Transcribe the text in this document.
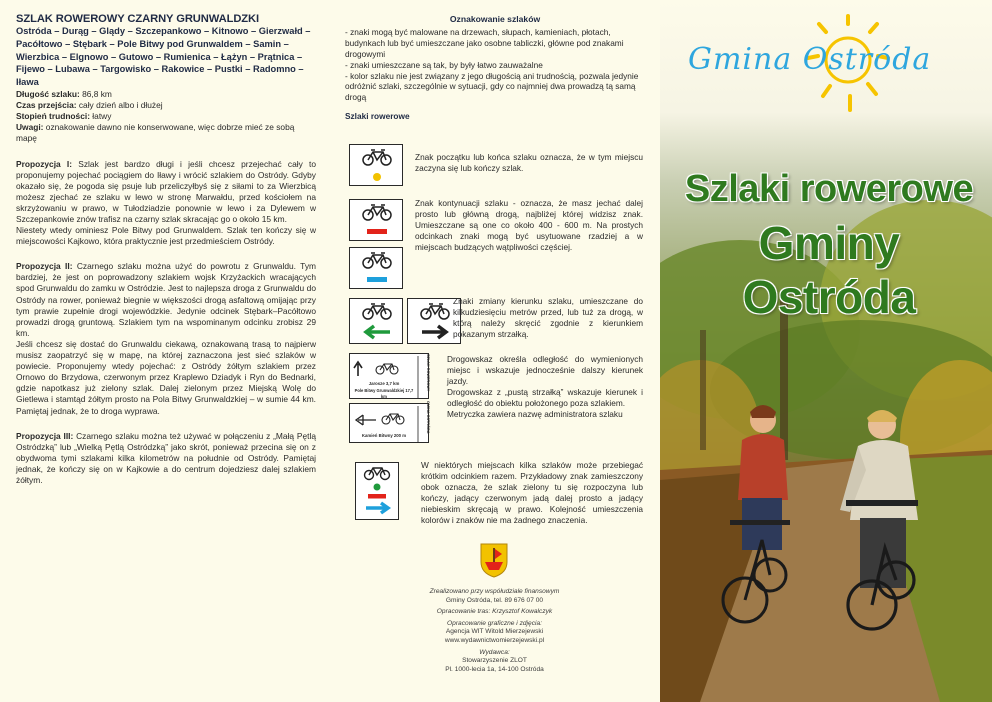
SZLAK ROWEROWY CZARNY GRUNWALDZKI

Ostróda – Durąg – Glądy – Szczepankowo – Kitnowo – Gierzwałd – Pacółtowo – Stębark – Pole Bitwy pod Grunwaldem – Samin – Wierzbica – Elgnowo – Gutowo – Rumienica – Łążyn – Prątnica – Fijewo – Lubawa – Targowisko – Rakowice – Pustki – Radomno – Iława

Długość szlaku: 86,8 km

Czas przejścia: cały dzień albo i dłużej

Stopień trudności: łatwy

Uwagi: oznakowanie dawno nie konserwowane, więc dobrze mieć ze sobą mapę

Propozycja I: Szlak jest bardzo długi i jeśli chcesz przejechać cały to proponujemy pojechać pociągiem do Iławy i wrócić szlakiem do Ostródy. Gdyby okazało się, że pogoda się psuje lub przeliczyłbyś się z siłami to za Wierzbicą możesz zjechać ze szlaku w lewo w stronę Marwałdu, przed kościołem na skrzyżowaniu w prawo, w Tułodziadzie ponownie w lewo i za Dylewem w Szczepankowie znów trafisz na czarny szlak skracając go o około 15 km.

Niestety wtedy ominiesz Pole Bitwy pod Grunwaldem. Szlak ten kończy się w miejscowości Kajkowo, która praktycznie jest przedmieściem Ostródy.

Propozycja II: Czarnego szlaku można użyć do powrotu z Grunwaldu. Tym bardziej, że jest on poprowadzony szlakiem wojsk Krzyżackich wracających spod Grunwaldu do zamku w Ostródzie. Jest to najlepsza droga z Grunwaldu do Ostródy na rower, ponieważ biegnie w większości drogą asfaltową omijając przy tym prawie zupełnie drogi wojewódzkie. Jedynie odcinek Stębark–Pacółtowo prowadzi drogą gruntową. Szlakiem tym na wspominanym odcinku zrobisz 29 km.

Jeśli chcesz się dostać do Grunwaldu ciekawą, oznakowaną trasą to najpierw musisz zaopatrzyć się w mapę, na której zaznaczona jest sieć szlaków w powiecie. Proponujemy wtedy pojechać: z Ostródy żółtym szlakiem przez Ornowo do Brzydowa, czerwonym przez Kraplewo Dziadyk i Ryn do Bednarki, gdzie napotkasz już zielony szlak. Dalej zielonym przez Miejską Wolę do Gietlewa i stamtąd żółtym prosto na Pola Bitwy Grunwaldzkiej – w sumie 44 km. Pamiętaj jednak, że to droga wyprawa.

Propozycja III: Czarnego szlaku można też używać w połączeniu z „Małą Pętlą Ostródzką” lub „Wielką Pętlą Ostródzką” jako skrót, ponieważ przecina się on z obydwoma tymi szlakami kilka kilometrów na południe od Ostródy. Pamiętaj jednak, że kończy się on w Kajkowie a do centrum dojedziesz dalej szlakiem żółtym.

Oznakowanie szlaków
- znaki mogą być malowane na drzewach, słupach, kamieniach, płotach, budynkach lub być umieszczane jako osobne tabliczki, główne pod znakami drogowymi
- znaki umieszczane są tak, by były łatwo zauważalne
- kolor szlaku nie jest związany z jego długością ani trudnością, pozwala jedynie odróżnić szlaki, szczególnie w sytuacji, gdy co najmniej dwa prowadzą tą samą drogą
Szlaki rowerowe
Znak początku lub końca szlaku oznacza, że w tym miejscu zaczyna się lub kończy szlak.
Znak kontynuacji szlaku - oznacza, że masz jechać dalej prosto lub główną drogą, najbliżej której widzisz znak. Umieszczane są one co około 400 - 600 m. Na prostych odcinkach znaki mogą być usytuowane rzadziej a w miejscach budzących wątpliwości częściej.
Znaki zmiany kierunku szlaku, umieszczane do kilkudziesięciu metrów przed, lub tuż za drogą, w którą należy skręcić zgodnie z kierunkiem pokazanym strzałką.
Jarosze 3,7 km
Pole Bitwy Grunwaldzkiej 17,7 km
SZLAK ROWEROWY
Kamień Bitwny 200 m
GMINA OSTRÓDA
Drogowskaz określa odległość do wymienionych miejsc i wskazuje jednocześnie dalszy kierunek jazdy.
Drogowskaz z „pustą strzałką” wskazuje kierunek i odległość do obiektu położonego poza szlakiem.
Metryczka zawiera nazwę administratora szlaku
W niektórych miejscach kilka szlaków może przebiegać krótkim odcinkiem razem. Przykładowy znak zamieszczony obok oznacza, że szlak zielony tu się rozpoczyna lub kończy, jadący czerwonym jadą dalej prosto a jadący niebieskim skręcają w prawo. Kolejność umieszczenia kolorów i znaków nie ma żadnego znaczenia.
Zrealizowano przy współudziale finansowym
Gminy Ostróda, tel. 89 676 07 00
Opracowanie tras: Krzysztof Kowalczyk
Opracowanie graficzne i zdjęcia:
Agencja WIT Witold Mierzejewski
www.wydawnictwomierzejewski.pl
Wydawca:
Stowarzyszenie ZLOT
Pl. 1000-lecia 1a, 14-100 Ostróda
Gmina Ostróda
Szlaki rowerowe
Gminy Ostróda
